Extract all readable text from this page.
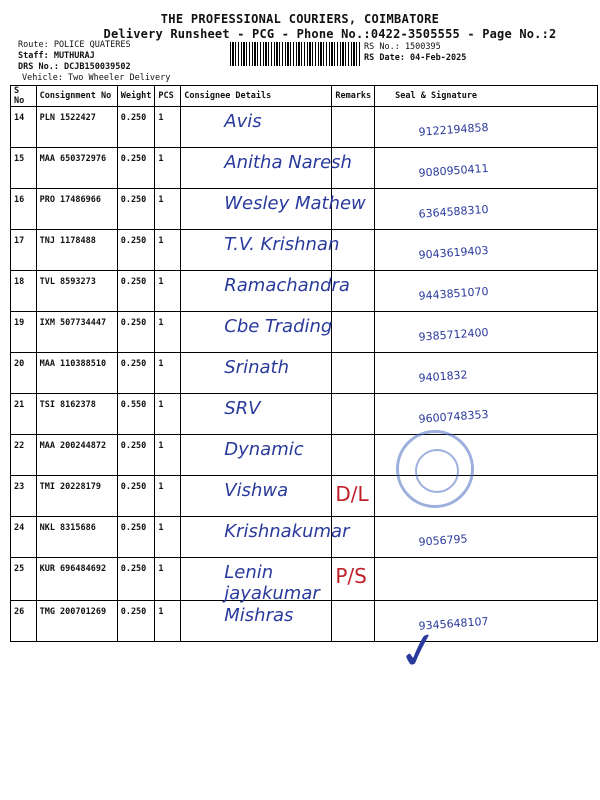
THE PROFESSIONAL COURIERS, COIMBATORE
Delivery Runsheet - PCG - Phone No.:0422-3505555 - Page No.:2
Route: POLICE QUATERES
Staff: MUTHURAJ
DRS No.: DCJB150039502
Vehicle: Two Wheeler Delivery
RS No.: 1500395
RS Date: 04-Feb-2025
S No	Consignment No	Weight	PCS	Consignee Details	Remarks	Seal & Signature

14	PLN 1522427	0.250	1	Avis		9122194858

15	MAA 650372976	0.250	1	Anitha Naresh		9080950411

16	PRO 17486966	0.250	1	Wesley Mathew		6364588310

17	TNJ 1178488	0.250	1	T.V. Krishnan		9043619403

18	TVL 8593273	0.250	1	Ramachandra		9443851070

19	IXM 507734447	0.250	1	Cbe Trading		9385712400

20	MAA 110388510	0.250	1	Srinath		9401832

21	TSI 8162378	0.550	1	SRV		9600748353

22	MAA 200244872	0.250	1	Dynamic	

23	TMI 20228179	0.250	1	Vishwa	D/L	

24	NKL 8315686	0.250	1	Krishnakumar		9056795

25	KUR 696484692	0.250	1	Lenin jayakumar	P/S	

26	TMG 200701269	0.250	1	Mishras		9345648107
✓
